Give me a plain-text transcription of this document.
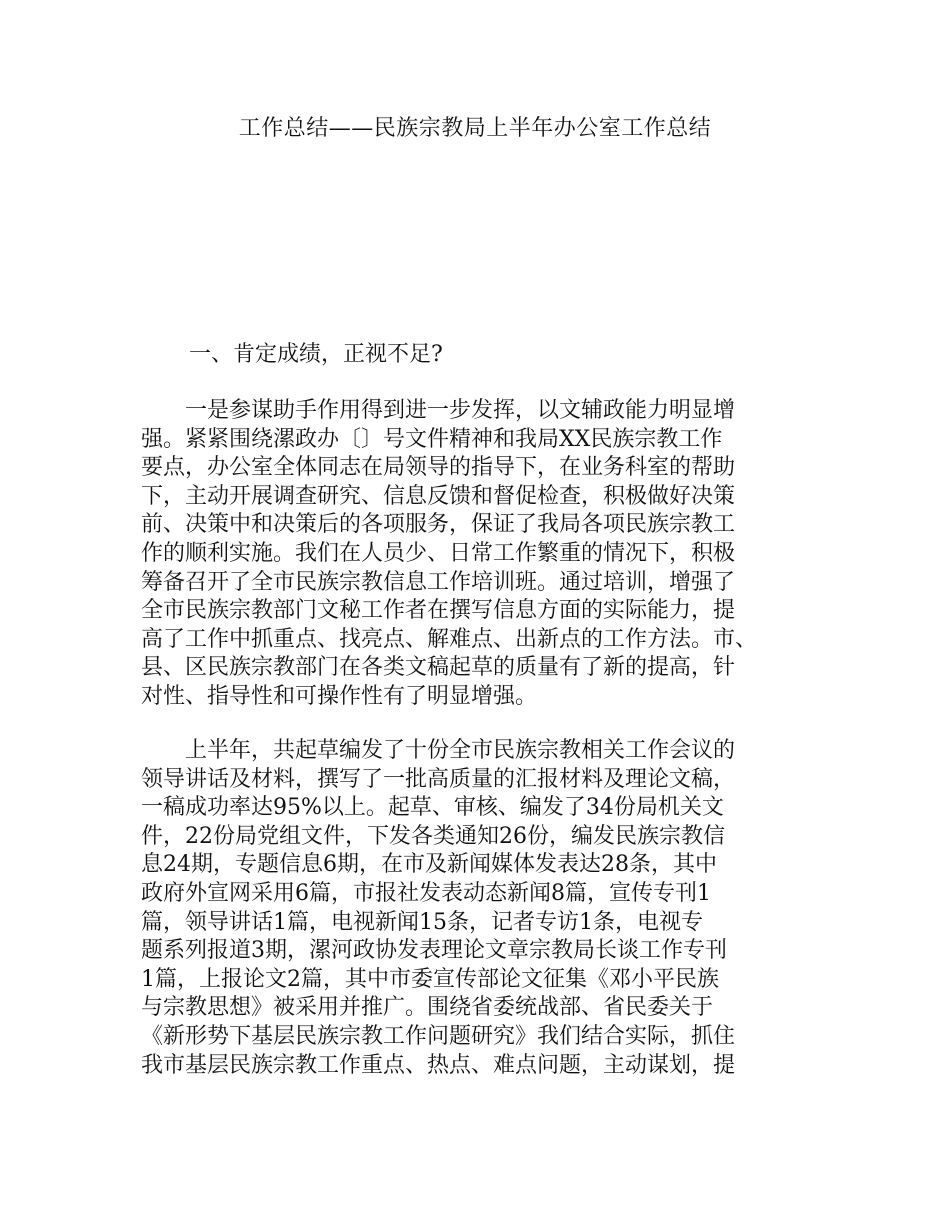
工作总结——民族宗教局上半年办公室工作总结

一、肯定成绩，正视不足?

　　一是参谋助手作用得到进一步发挥，以文辅政能力明显增
强。紧紧围绕漯政办〔〕号文件精神和我局XX民族宗教工作
要点，办公室全体同志在局领导的指导下，在业务科室的帮助
下，主动开展调查研究、信息反馈和督促检查，积极做好决策
前、决策中和决策后的各项服务，保证了我局各项民族宗教工
作的顺利实施。我们在人员少、日常工作繁重的情况下，积极
筹备召开了全市民族宗教信息工作培训班。通过培训，增强了
全市民族宗教部门文秘工作者在撰写信息方面的实际能力，提
高了工作中抓重点、找亮点、解难点、出新点的工作方法。市、
县、区民族宗教部门在各类文稿起草的质量有了新的提高，针
对性、指导性和可操作性有了明显增强。

　　上半年，共起草编发了十份全市民族宗教相关工作会议的
领导讲话及材料，撰写了一批高质量的汇报材料及理论文稿，
一稿成功率达95%以上。起草、审核、编发了34份局机关文
件，22份局党组文件，下发各类通知26份，编发民族宗教信
息24期，专题信息6期，在市及新闻媒体发表达28条，其中
政府外宣网采用6篇，市报社发表动态新闻8篇，宣传专刊1
篇，领导讲话1篇，电视新闻15条，记者专访1条，电视专
题系列报道3期，漯河政协发表理论文章宗教局长谈工作专刊
1篇，上报论文2篇，其中市委宣传部论文征集《邓小平民族
与宗教思想》被采用并推广。围绕省委统战部、省民委关于
《新形势下基层民族宗教工作问题研究》我们结合实际，抓住
我市基层民族宗教工作重点、热点、难点问题，主动谋划，提
